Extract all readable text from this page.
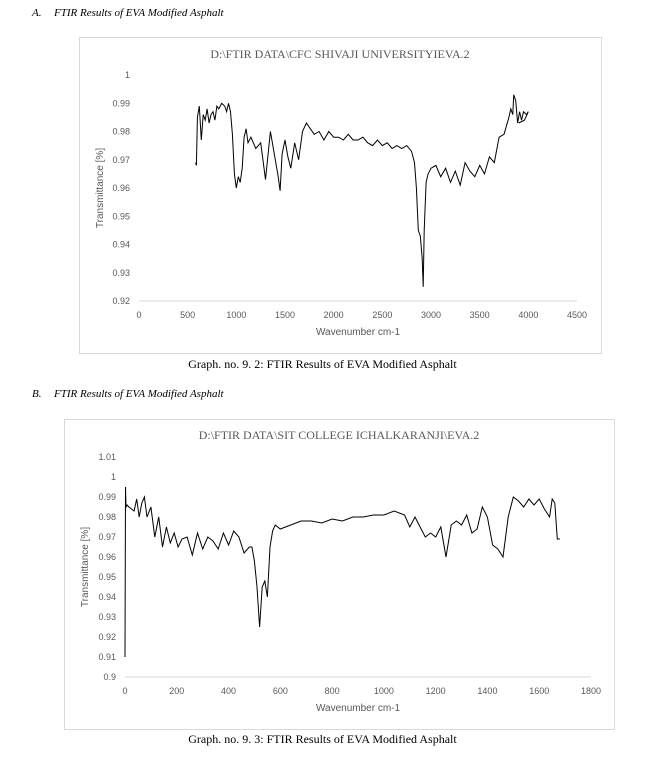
A. FTIR Results of EVA Modified Asphalt
D:\FTIR DATA\CFC SHIVAJI UNIVERSITYIEVA.2
0.92
0.93
0.94
0.95
0.96
0.97
0.98
0.99
1
0	500	1000	1500	2000	2500	3000	3500	4000	4500
Wavenumber cm-1
Transmittance [%]
Graph. no. 9. 2: FTIR Results of EVA Modified Asphalt
B. FTIR Results of EVA Modified Asphalt
D:\FTIR DATA\SIT COLLEGE ICHALKARANJI\EVA.2
0.9
0.91
0.92
0.93
0.94
0.95
0.96
0.97
0.98
0.99
1
1.01
0	200	400	600	800	1000	1200	1400	1600	1800
Wavenumber cm-1
Transmittance [%]
Graph. no. 9. 3: FTIR Results of EVA Modified Asphalt
